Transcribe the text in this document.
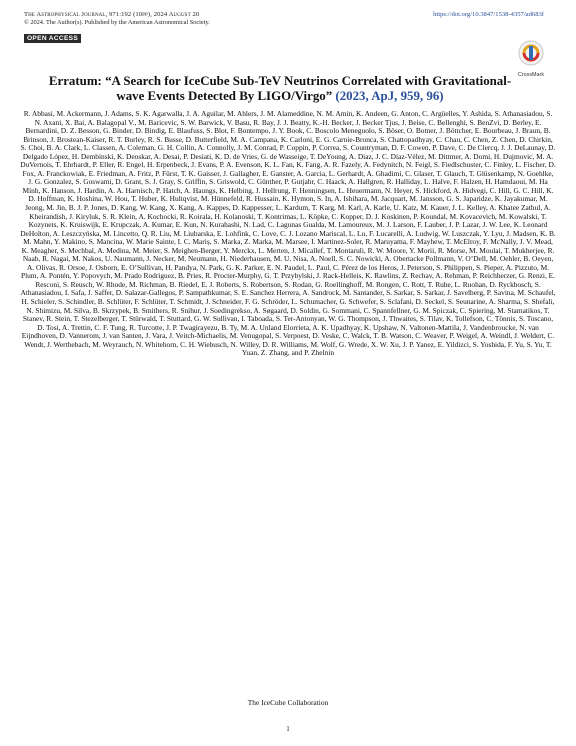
The Astrophysical Journal, 971:192 (10pp), 2024 August 20	https://doi.org/10.3847/1538-4357/ad683f
© 2024. The Author(s). Published by the American Astronomical Society.
OPEN ACCESS
CrossMark
Erratum: “A Search for IceCube Sub-TeV Neutrinos Correlated with Gravitational-wave Events Detected By LIGO/Virgo” (2023, ApJ, 959, 96)
R. Abbasi, M. Ackermann, J. Adams, S. K. Agarwalla, J. A. Aguilar, M. Ahlers, J. M. Alameddine, N. M. Amin, K. Andeen, G. Anton, C. Argüelles, Y. Ashida, S. Athanasiadou, S. N. Axani, X. Bai, A. Balagopal V., M. Baricevic, S. W. Barwick, V. Basu, R. Bay, J. J. Beatty, K.-H. Becker, J. Becker Tjus, J. Beise, C. Bellenghi, S. BenZvi, D. Berley, E. Bernardini, D. Z. Besson, G. Binder, D. Bindig, E. Blaufuss, S. Blot, F. Bontempo, J. Y. Book, C. Boscolo Meneguolo, S. Böser, O. Botner, J. Böttcher, E. Bourbeau, J. Braun, B. Brinson, J. Brostean-Kaiser, R. T. Burley, R. S. Busse, D. Butterfield, M. A. Campana, K. Carloni, E. G. Carnie-Bronca, S. Chattopadhyay, C. Chau, C. Chen, Z. Chen, D. Chirkin, S. Choi, B. A. Clark, L. Classen, A. Coleman, G. H. Collin, A. Connolly, J. M. Conrad, P. Coppin, P. Correa, S. Countryman, D. F. Cowen, P. Dave, C. De Clercq, J. J. DeLaunay, D. Delgado López, H. Dembinski, K. Deoskar, A. Desai, P. Desiati, K. D. de Vries, G. de Wasseige, T. DeYoung, A. Diaz, J. C. Díaz-Vélez, M. Dittmer, A. Domi, H. Dujmovic, M. A. DuVernois, T. Ehrhardt, P. Eller, R. Engel, H. Erpenbeck, J. Evans, P. A. Evenson, K. L. Fan, K. Fang, A. R. Fazely, A. Fedynitch, N. Feigl, S. Fiedlschuster, C. Finley, L. Fischer, D. Fox, A. Franckowiak, E. Friedman, A. Fritz, P. Fürst, T. K. Gaisser, J. Gallagher, E. Ganster, A. Garcia, L. Gerhardt, A. Ghadimi, C. Glaser, T. Glauch, T. Glüsenkamp, N. Goehlke, J. G. Gonzalez, S. Goswami, D. Grant, S. J. Gray, S. Griffin, S. Griswold, C. Günther, P. Gutjahr, C. Haack, A. Hallgren, R. Halliday, L. Halve, F. Halzen, H. Hamdaoui, M. Ha Minh, K. Hanson, J. Hardin, A. A. Harnisch, P. Hatch, A. Haungs, K. Helbing, J. Hellrung, F. Henningsen, L. Heuermann, N. Heyer, S. Hickford, A. Hidvegi, C. Hill, G. C. Hill, K. D. Hoffman, K. Hoshina, W. Hou, T. Huber, K. Hultqvist, M. Hünnefeld, R. Hussain, K. Hymon, S. In, A. Ishihara, M. Jacquart, M. Jansson, G. S. Japaridze, K. Jayakumar, M. Jeong, M. Jin, B. J. P. Jones, D. Kang, W. Kang, X. Kang, A. Kappes, D. Kappesser, L. Kardum, T. Karg, M. Karl, A. Karle, U. Katz, M. Kauer, J. L. Kelley, A. Khatee Zathul, A. Kheirandish, J. Kiryluk, S. R. Klein, A. Kochocki, R. Koirala, H. Kolanoski, T. Kontrimas, L. Köpke, C. Kopper, D. J. Koskinen, P. Koundal, M. Kovacevich, M. Kowalski, T. Kozynets, K. Kruiswijk, E. Krupczak, A. Kumar, E. Kun, N. Kurahashi, N. Lad, C. Lagunas Gualda, M. Lamoureux, M. J. Larson, F. Lauber, J. P. Lazar, J. W. Lee, K. Leonard DeHolton, A. Leszczyńska, M. Lincetto, Q. R. Liu, M. Liubarska, E. Lohfink, C. Love, C. J. Lozano Mariscal, L. Lu, F. Lucarelli, A. Ludwig, W. Luszczak, Y. Lyu, J. Madsen, K. B. M. Mahn, Y. Makino, S. Mancina, W. Marie Sainte, I. C. Mariș, S. Marka, Z. Marka, M. Marsee, I. Martinez-Soler, R. Maruyama, F. Mayhew, T. McElroy, F. McNally, J. V. Mead, K. Meagher, S. Mechbal, A. Medina, M. Meier, S. Meighen-Berger, Y. Merckx, L. Merten, J. Micallef, T. Montaruli, R. W. Moore, Y. Morii, R. Morse, M. Moulai, T. Mukherjee, R. Naab, R. Nagai, M. Nakos, U. Naumann, J. Necker, M. Neumann, H. Niederhausen, M. U. Nisa, A. Noell, S. C. Nowicki, A. Obertacke Pollmann, V. O’Dell, M. Oehler, B. Oeyen, A. Olivas, R. Orsoe, J. Osborn, E. O’Sullivan, H. Pandya, N. Park, G. K. Parker, E. N. Paudel, L. Paul, C. Pérez de los Heros, J. Peterson, S. Philippen, S. Pieper, A. Pizzuto, M. Plum, A. Pontén, Y. Popovych, M. Prado Rodriguez, B. Pries, R. Procter-Murphy, G. T. Przybylski, J. Rack-Helleis, K. Rawlins, Z. Rechav, A. Rehman, P. Reichherzer, G. Renzi, E. Resconi, S. Reusch, W. Rhode, M. Richman, B. Riedel, E. J. Roberts, S. Robertson, S. Rodan, G. Roellinghoff, M. Rongen, C. Rott, T. Ruhe, L. Ruohan, D. Ryckbosch, S. Athanasiadou, I. Safa, J. Saffer, D. Salazar-Gallegos, P. Sampathkumar, S. E. Sanchez Herrera, A. Sandrock, M. Santander, S. Sarkar, S. Sarkar, J. Savelberg, P. Savina, M. Schaufel, H. Schieler, S. Schindler, B. Schlüter, F. Schlüter, T. Schmidt, J. Schneider, F. G. Schröder, L. Schumacher, G. Schwefer, S. Sclafani, D. Seckel, S. Seunarine, A. Sharma, S. Shefali, N. Shimizu, M. Silva, B. Skrzypek, B. Smithers, R. Snihur, J. Soedingrekso, A. Søgaard, D. Soldin, G. Sommani, C. Spannfellner, G. M. Spiczak, C. Spiering, M. Stamatikos, T. Stanev, R. Stein, T. Stezelberger, T. Stürwald, T. Stuttard, G. W. Sullivan, I. Taboada, S. Ter-Antonyan, W. G. Thompson, J. Thwaites, S. Tilav, K. Tollefson, C. Tönnis, S. Toscano, D. Tosi, A. Trettin, C. F. Tung, R. Turcotte, J. P. Twagirayezu, B. Ty, M. A. Unland Elorrieta, A. K. Upadhyay, K. Upshaw, N. Valtonen-Mattila, J. Vandenbroucke, N. van Eijndhoven, D. Vannerom, J. van Santen, J. Vara, J. Veitch-Michaelis, M. Venugopal, S. Verpoest, D. Veske, C. Walck, T. B. Watson, C. Weaver, P. Weigel, A. Weindl, J. Weldert, C. Wendt, J. Werthebach, M. Weyrauch, N. Whitehorn, C. H. Wiebusch, N. Willey, D. R. Williams, M. Wolf, G. Wrede, X. W. Xu, J. P. Yanez, E. Yildizci, S. Yoshida, F. Yu, S. Yu, T. Yuan, Z. Zhang, and P. Zhelnin
The IceCube Collaboration
1
